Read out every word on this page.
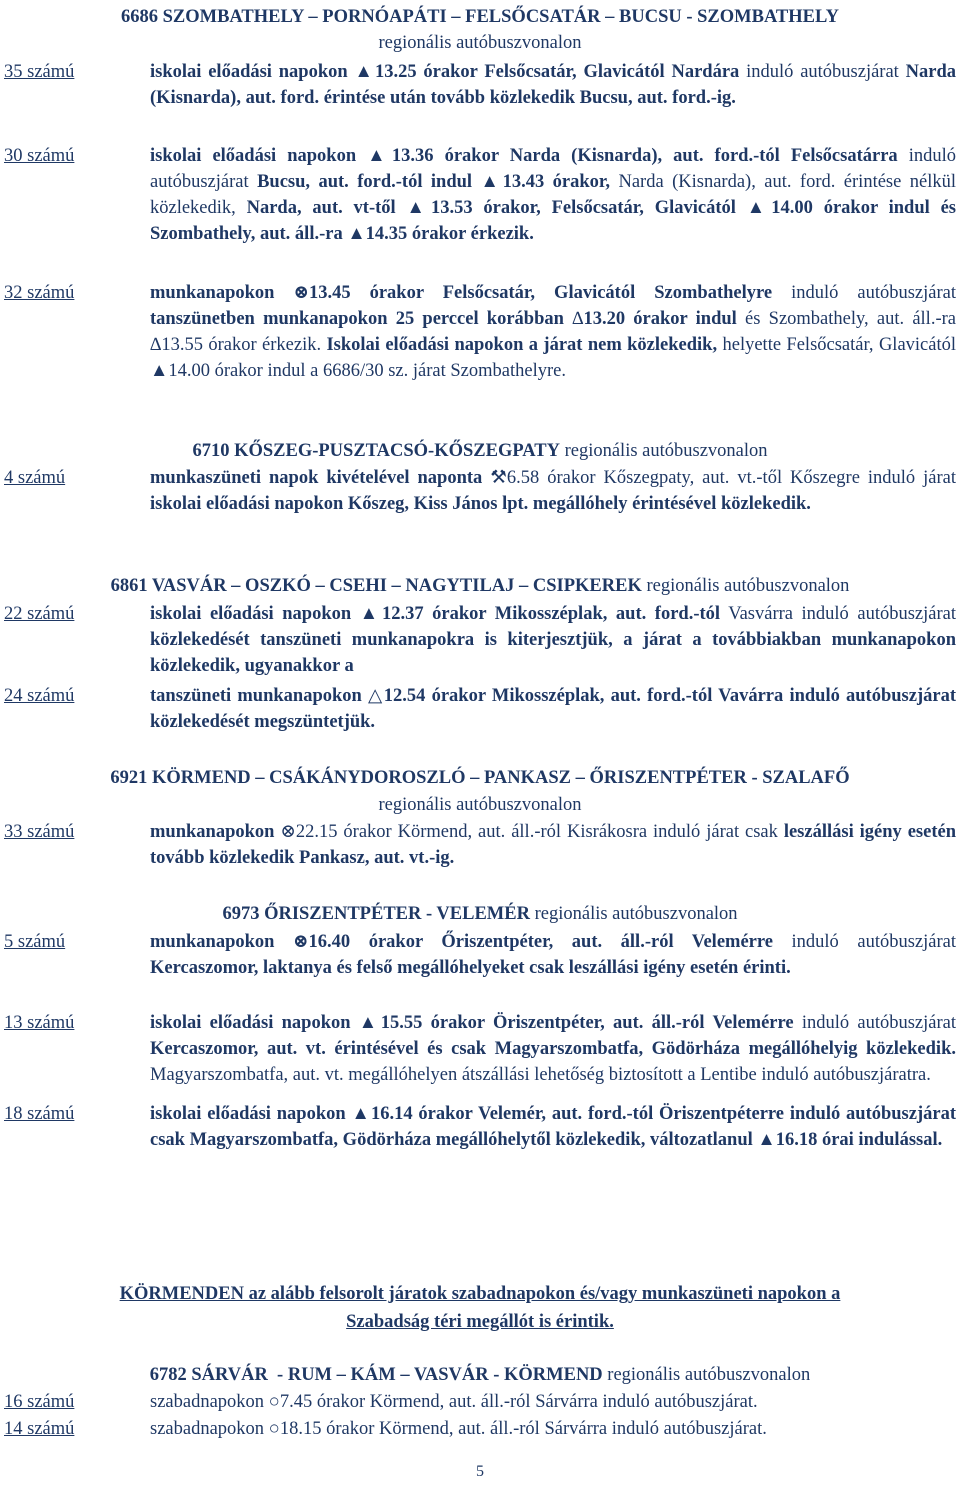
6686 SZOMBATHELY – PORNÓAPÁTI – FELSŐCSATÁR – BUCSU - SZOMBATHELY

regionális autóbuszvonalon

35 számú	iskolai előadási napokon ▲13.25 órakor Felsőcsatár, Glavicától Nardára induló autóbuszjárat Narda (Kisnarda), aut. ford. érintése után tovább közlekedik Bucsu, aut. ford.-ig.
30 számú	iskolai előadási napokon ▲13.36 órakor Narda (Kisnarda), aut. ford.-tól Felsőcsatárra induló autóbuszjárat Bucsu, aut. ford.-tól indul ▲13.43 órakor, Narda (Kisnarda), aut. ford. érintése nélkül közlekedik, Narda, aut. vt-től ▲13.53 órakor, Felsőcsatár, Glavicától ▲14.00 órakor indul és Szombathely, aut. áll.-ra ▲14.35 órakor érkezik.
32 számú	munkanapokon ⊗13.45 órakor Felsőcsatár, Glavicától Szombathelyre induló autóbuszjárat tanszünetben munkanapokon 25 perccel korábban ∆13.20 órakor indul és Szombathely, aut. áll.-ra ∆13.55 órakor érkezik. Iskolai előadási napokon a járat nem közlekedik, helyette Felsőcsatár, Glavicától ▲14.00 órakor indul a 6686/30 sz. járat Szombathelyre.

6710 KŐSZEG-PUSZTACSÓ-KŐSZEGPATY regionális autóbuszvonalon

4 számú	munkaszüneti napok kivételével naponta ⚒6.58 órakor Kőszegpaty, aut. vt.-től Kőszegre induló járat iskolai előadási napokon Kőszeg, Kiss János lpt. megállóhely érintésével közlekedik.

6861 VASVÁR – OSZKÓ – CSEHI – NAGYTILAJ – CSIPKEREK regionális autóbuszvonalon

22 számú	iskolai előadási napokon ▲12.37 órakor Mikosszéplak, aut. ford.-tól Vasvárra induló autóbuszjárat közlekedését tanszüneti munkanapokra is kiterjesztjük, a járat a továbbiakban munkanapokon közlekedik, ugyanakkor a
24 számú	tanszüneti munkanapokon △12.54 órakor Mikosszéplak, aut. ford.-tól Vavárra induló autóbuszjárat közlekedését megszüntetjük.

6921 KÖRMEND – CSÁKÁNYDOROSZLÓ – PANKASZ – ŐRISZENTPÉTER - SZALAFŐ

regionális autóbuszvonalon

33 számú	munkanapokon ⊗22.15 órakor Körmend, aut. áll.-ról Kisrákosra induló járat csak leszállási igény esetén tovább közlekedik Pankasz, aut. vt.-ig.

6973 ŐRISZENTPÉTER - VELEMÉR regionális autóbuszvonalon

5 számú	munkanapokon ⊗16.40 órakor Őriszentpéter, aut. áll.-ról Velemérre induló autóbuszjárat Kercaszomor, laktanya és felső megállóhelyeket csak leszállási igény esetén érinti.
13 számú	iskolai előadási napokon ▲15.55 órakor Öriszentpéter, aut. áll.-ról Velemérre induló autóbuszjárat Kercaszomor, aut. vt. érintésével és csak Magyarszombatfa, Gödörháza megállóhelyig közlekedik. Magyarszombatfa, aut. vt. megállóhelyen átszállási lehetőség biztosított a Lentibe induló autóbuszjáratra.
18 számú	iskolai előadási napokon ▲16.14 órakor Velemér, aut. ford.-tól Öriszentpéterre induló autóbuszjárat csak Magyarszombatfa, Gödörháza megállóhelytől közlekedik, változatlanul ▲16.18 órai indulással.

KÖRMENDEN az alább felsorolt járatok szabadnapokon és/vagy munkaszüneti napokon a

Szabadság téri megállót is érintik.

6782 SÁRVÁR  - RUM – KÁM – VASVÁR - KÖRMEND regionális autóbuszvonalon

16 számú	szabadnapokon ○7.45 órakor Körmend, aut. áll.-ról Sárvárra induló autóbuszjárat.
14 számú	szabadnapokon ○18.15 órakor Körmend, aut. áll.-ról Sárvárra induló autóbuszjárat.

5
